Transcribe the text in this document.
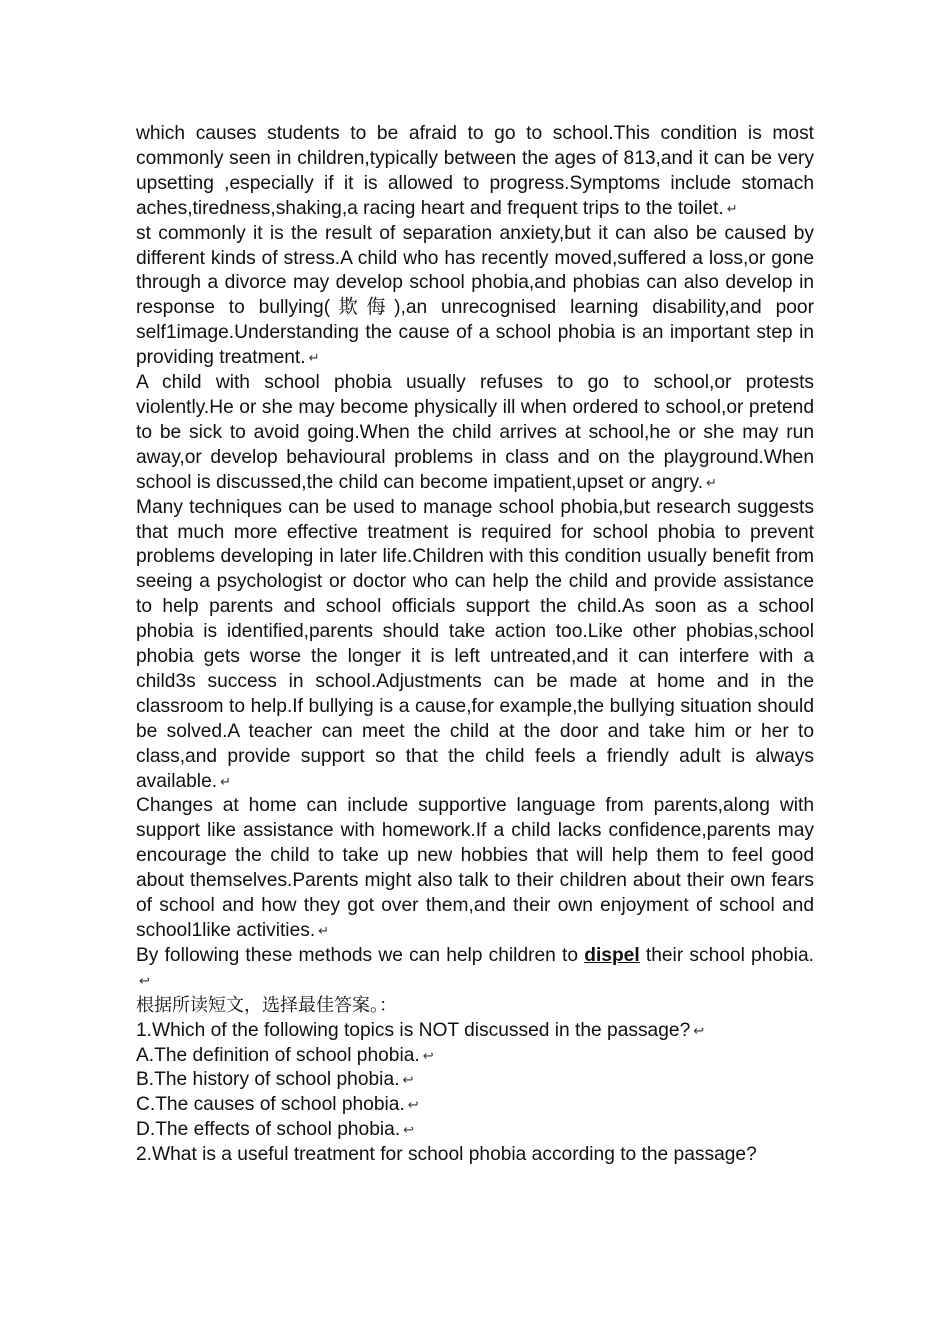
which causes students to be afraid to go to school.This condition is most commonly seen in children,typically between the ages of 813,and it can be very upsetting ,especially if it is allowed to progress.Symptoms include stomach aches,tiredness,shaking,a racing heart and frequent trips to the toilet. ↵

st commonly it is the result of separation anxiety,but it can also be caused by different kinds of stress.A child who has recently moved,suffered a loss,or gone through a divorce may develop school phobia,and phobias can also develop in response to bullying(欺侮),an unrecognised learning disability,and poor self1image.Understanding the cause of a school phobia is an important step in providing treatment. ↵

A child with school phobia usually refuses to go to school,or protests violently.He or she may become physically ill when ordered to school,or pretend to be sick to avoid going.When the child arrives at school,he or she may run away,or develop behavioural problems in class and on the playground.When school is discussed,the child can become impatient,upset or angry. ↵

Many techniques can be used to manage school phobia,but research suggests that much more effective treatment is required for school phobia to prevent problems developing in later life.Children with this condition usually benefit from seeing a psychologist or doctor who can help the child and provide assistance to help parents and school officials support the child.As soon as a school phobia is identified,parents should take action too.Like other phobias,school phobia gets worse the longer it is left untreated,and it can interfere with a child3s success in school.Adjustments can be made at home and in the classroom to help.If bullying is a cause,for example,the bullying situation should be solved.A teacher can meet the child at the door and take him or her to class,and provide support so that the child feels a friendly adult is always available. ↵

Changes at home can include supportive language from parents,along with support like assistance with homework.If a child lacks confidence,parents may encourage the child to take up new hobbies that will help them to feel good about themselves.Parents might also talk to their children about their own fears of school and how they got over them,and their own enjoyment of school and school1like activities. ↵

By following these methods we can help children to dispel their school phobia.↩

根据所读短文，选择最佳答案。：

1.Which of the following topics is NOT discussed in the passage? ↩

A.The definition of school phobia. ↩

B.The history of school phobia. ↩

C.The causes of school phobia. ↩

D.The effects of school phobia. ↩

2.What is a useful treatment for school phobia according to the passage?
